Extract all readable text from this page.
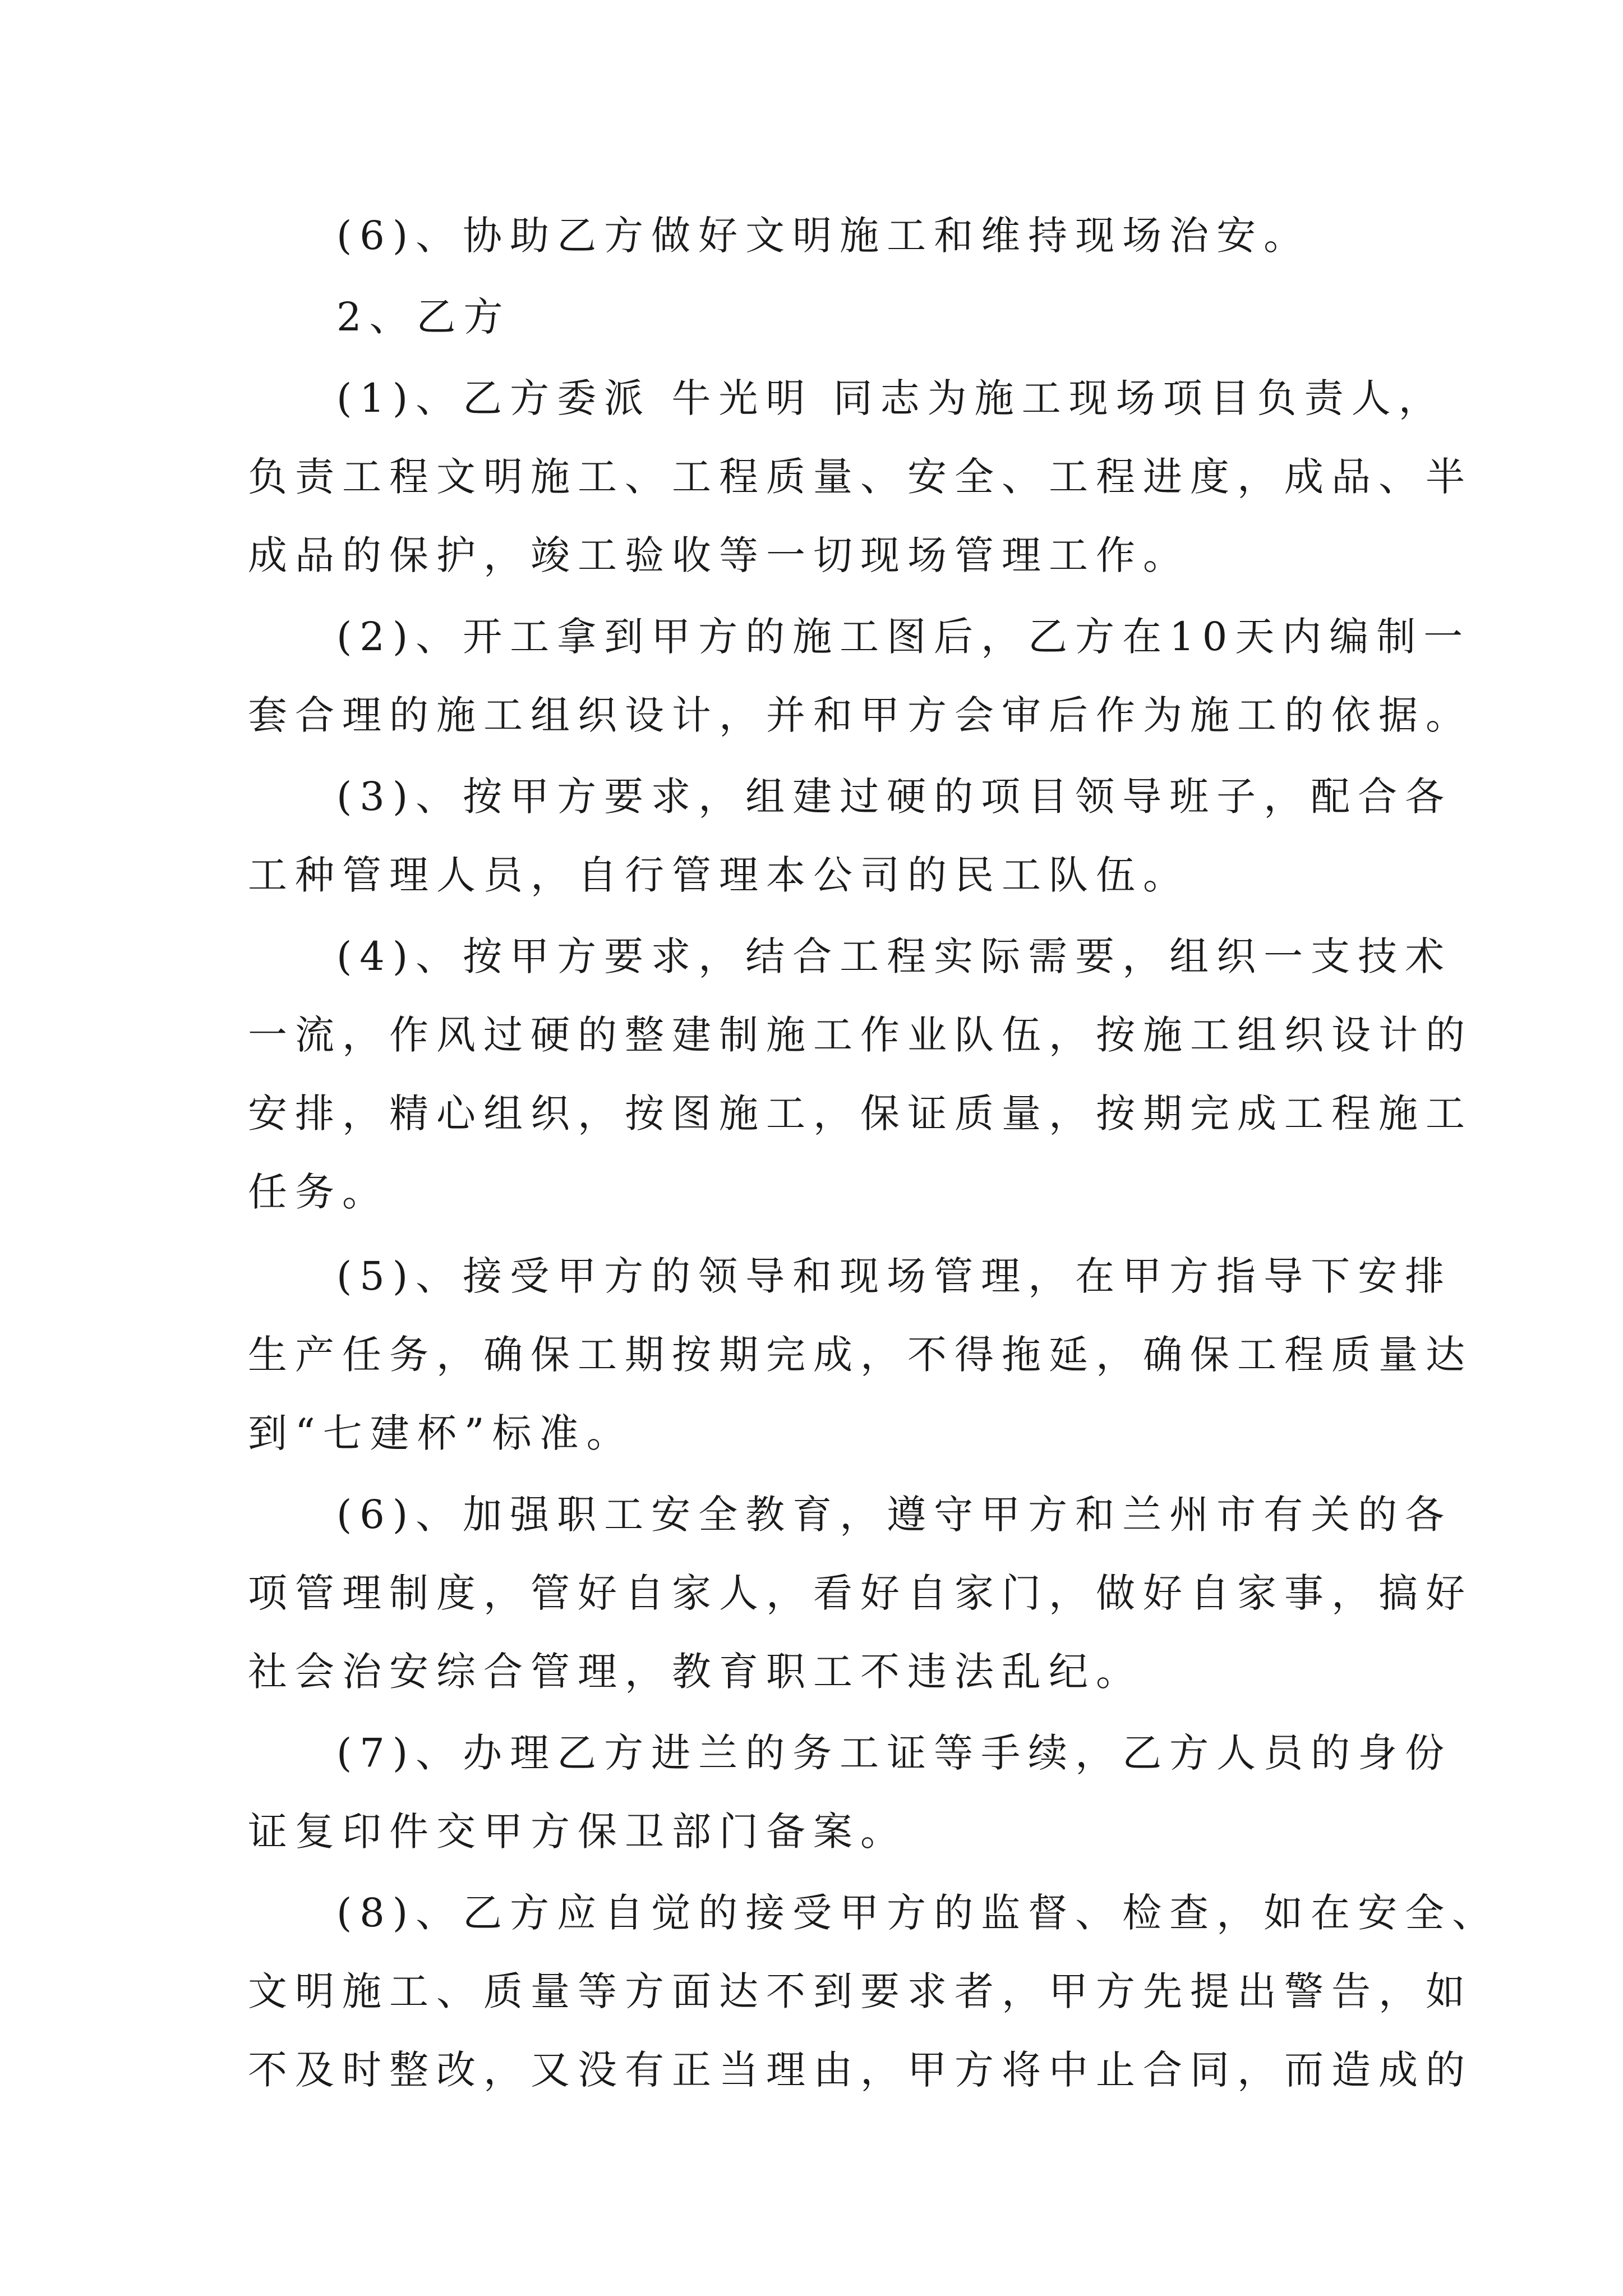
(6)、协助乙方做好文明施工和维持现场治安。
2、乙方
(1)、乙方委派 牛光明 同志为施工现场项目负责人，
负责工程文明施工、工程质量、安全、工程进度，成品、半
成品的保护，竣工验收等一切现场管理工作。
(2)、开工拿到甲方的施工图后，乙方在10天内编制一
套合理的施工组织设计，并和甲方会审后作为施工的依据。
(3)、按甲方要求，组建过硬的项目领导班子，配合各
工种管理人员，自行管理本公司的民工队伍。
(4)、按甲方要求，结合工程实际需要，组织一支技术
一流，作风过硬的整建制施工作业队伍，按施工组织设计的
安排，精心组织，按图施工，保证质量，按期完成工程施工
任务。
(5)、接受甲方的领导和现场管理，在甲方指导下安排
生产任务，确保工期按期完成，不得拖延，确保工程质量达
到“七建杯”标准。
(6)、加强职工安全教育，遵守甲方和兰州市有关的各
项管理制度，管好自家人，看好自家门，做好自家事，搞好
社会治安综合管理，教育职工不违法乱纪。
(7)、办理乙方进兰的务工证等手续，乙方人员的身份
证复印件交甲方保卫部门备案。
(8)、乙方应自觉的接受甲方的监督、检查，如在安全、
文明施工、质量等方面达不到要求者，甲方先提出警告，如
不及时整改，又没有正当理由，甲方将中止合同，而造成的
